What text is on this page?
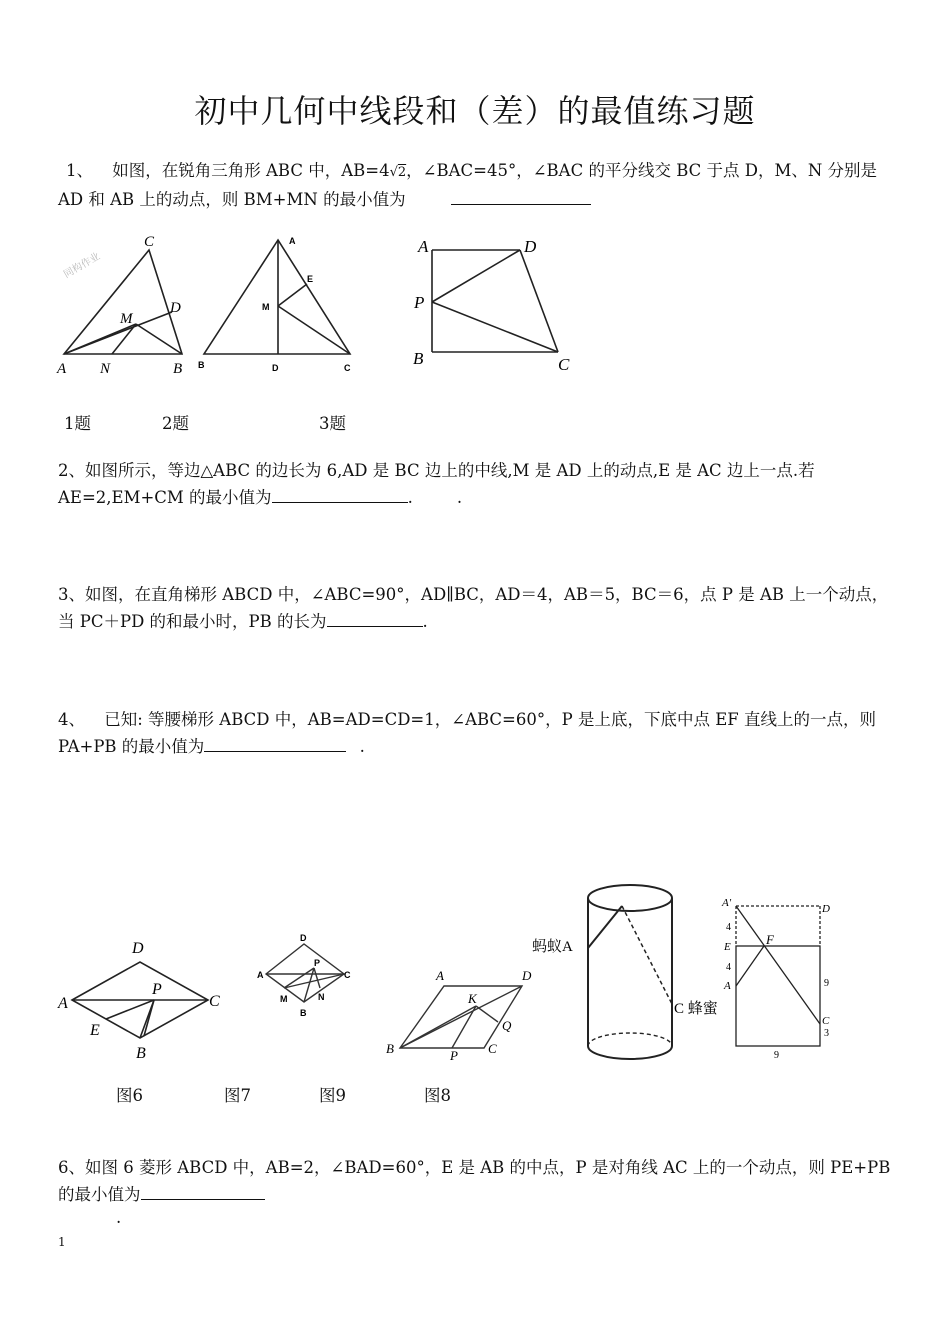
初中几何中线段和（差）的最值练习题
1、 如图，在锐角三角形 ABC 中，AB=4√2，∠BAC=45°，∠BAC 的平分线交 BC 于点 D，M、N 分别是 AD 和 AB 上的动点，则 BM+MN 的最小值为
C
D
M
A N	B
同构作业
A
E
M
B	D	C
A	D
P
B	C
1题	2题	3题
2、如图所示，等边△ABC 的边长为 6,AD 是 BC 边上的中线,M 是 AD 上的动点,E 是 AC 边上一点.若 AE=2,EM+CM 的最小值为	.	.
3、如图，在直角梯形 ABCD 中，∠ABC=90°，AD∥BC，AD＝4，AB＝5，BC＝6，点 P 是 AB 上一个动点，当 PC＋PD 的和最小时，PB 的长为	.
4、 已知: 等腰梯形 ABCD 中，AB=AD=CD=1，∠ABC=60°，P 是上底，下底中点 EF 直线上的一点，则 PA+PB 的最小值为	.
D
A
P
C
E
B
D
A
P
C
M	N
B
A	D
K
Q
B	P C
蚂蚁A
C 蜂蜜
A'	D
E	F
A
C
4
4
9
3
9
图6	图7	图9	图8
6、如图 6 菱形 ABCD 中，AB=2，∠BAD=60°，E 是 AB 的中点，P 是对角线 AC 上的一个动点，则 PE+PB 的最小值为
.
1
